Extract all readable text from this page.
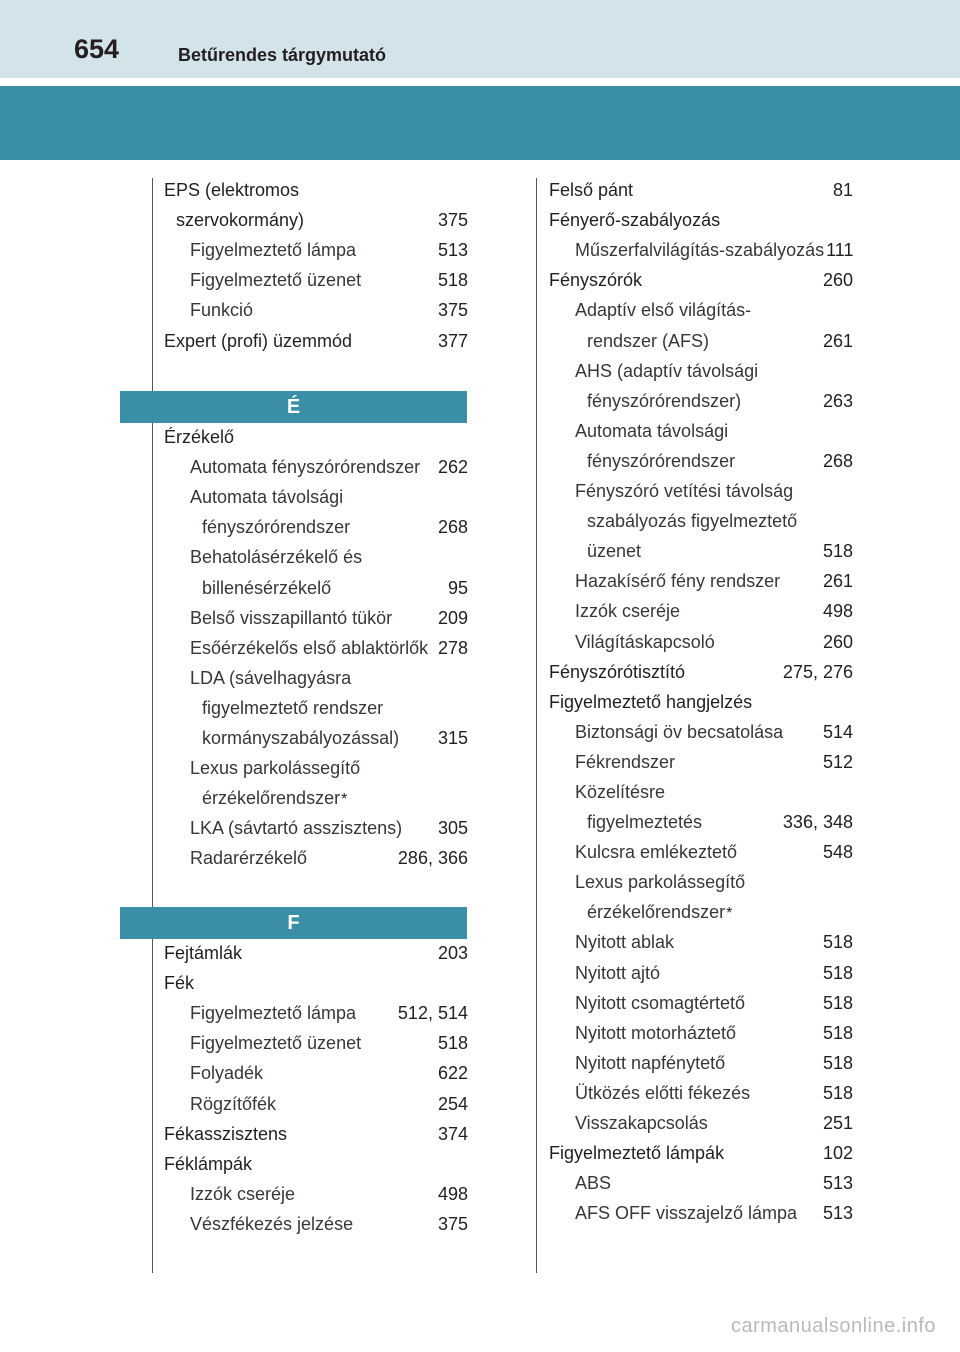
654	Betűrendes tárgymutató
EPS (elektromos
szervokormány) .....	375
Figyelmeztető lámpa .....	513
Figyelmeztető üzenet .....	518
Funkció .....	375
Expert (profi) üzemmód .....	377
É
Érzékelő
Automata fényszórórendszer ..... 262
Automata távolsági
fényszórórendszer .....	268
Behatolásérzékelő és
billenésérzékelő .....	95
Belső visszapillantó tükör .....	209
Esőérzékelős első ablaktörlők ..... 278
LDA (sávelhagyásra
figyelmeztető rendszer
kormányszabályozással) ..... 315
Lexus parkolássegítő
érzékelőrendszer *
LKA (sávtartó asszisztens) ..... 305
Radarérzékelő .....	286, 366
F
Fejtámlák .....	203
Fék
Figyelmeztető lámpa ..... 512, 514
Figyelmeztető üzenet .....	518
Folyadék .....	622
Rögzítőfék .....	254
Fékasszisztens .....	374
Féklámpák
Izzók cseréje .....	498
Vészfékezés jelzése .....	375
Felső pánt .....	81
Fényerő-szabályozás
Műszerfalvilágítás-szabályozás 111
Fényszórók .....	260
Adaptív első világítás-
rendszer (AFS) .....	261
AHS (adaptív távolsági
fényszórórendszer) .....	263
Automata távolsági
fényszórórendszer .....	268
Fényszóró vetítési távolság
szabályozás figyelmeztető
üzenet .....	518
Hazakísérő fény rendszer ..... 261
Izzók cseréje .....	498
Világításkapcsoló .....	260
Fényszórótisztító .....	275, 276
Figyelmeztető hangjelzés
Biztonsági öv becsatolása ..... 514
Fékrendszer .....	512
Közelítésre
figyelmeztetés .....	336, 348
Kulcsra emlékeztető .....	548
Lexus parkolássegítő
érzékelőrendszer *
Nyitott ablak .....	518
Nyitott ajtó .....	518
Nyitott csomagtértető .....	518
Nyitott motorháztető .....	518
Nyitott napfénytető .....	518
Ütközés előtti fékezés .....	518
Visszakapcsolás .....	251
Figyelmeztető lámpák .....	102
ABS .....	513
AFS OFF visszajelző lámpa ..... 513
carmanualsonline.info
